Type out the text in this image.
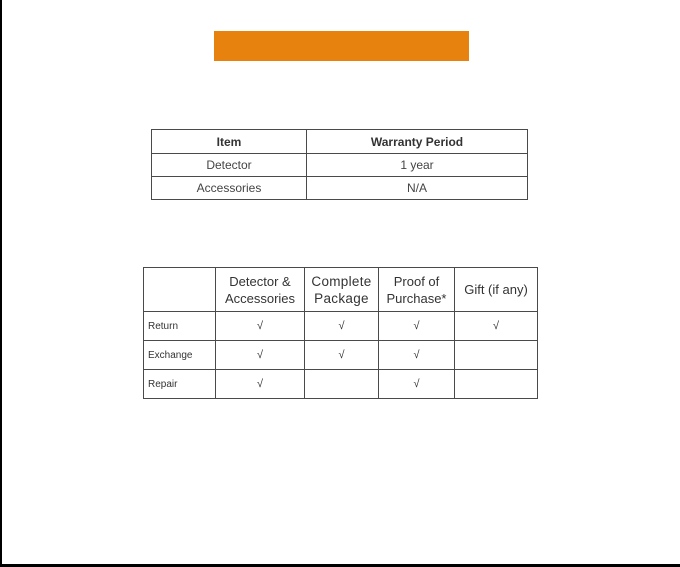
Item	Warranty Period
Detector	1 year
Accessories	N/A
	Detector & Accessories	Complete Package	Proof of Purchase*	Gift (if any)
Return	√	√	√	√
Exchange	√	√	√	
Repair	√		√	
